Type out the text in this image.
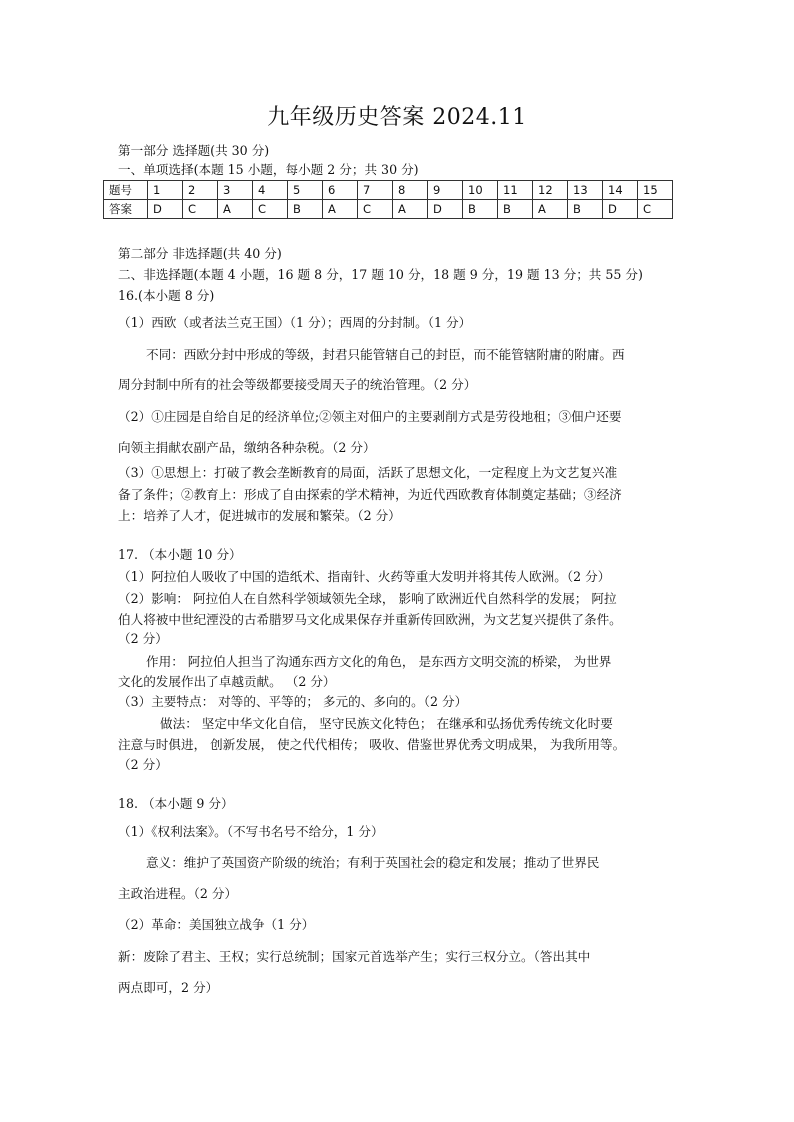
九年级历史答案 2024.11
第一部分 选择题(共 30 分)
一、单项选择(本题 15 小题，每小题 2 分；共 30 分)
题号	1	2	3	4	5	6	7	8	9	10	11	12	13	14	15
答案	D	C	A	C	B	A	C	A	D	B	B	A	B	D	C
第二部分 非选择题(共 40 分)
二、非选择题(本题 4 小题，16 题 8 分，17 题 10 分，18 题 9 分，19 题 13 分；共 55 分)
16.(本小题 8 分)
（1）西欧（或者法兰克王国）（1 分）；西周的分封制。（1 分）
不同：西欧分封中形成的等级，封君只能管辖自己的封臣，而不能管辖附庸的附庸。西
周分封制中所有的社会等级都要接受周天子的统治管理。（2 分）
（2）①庄园是自给自足的经济单位;②领主对佃户的主要剥削方式是劳役地租；③佃户还要
向领主捐献农副产品，缴纳各种杂税。（2 分）
（3）①思想上：打破了教会垄断教育的局面，活跃了思想文化，一定程度上为文艺复兴准
备了条件；②教育上：形成了自由探索的学术精神，为近代西欧教育体制奠定基础；③经济
上：培养了人才，促进城市的发展和繁荣。（2 分）
17. （本小题 10 分）
（1）阿拉伯人吸收了中国的造纸术、指南针、火药等重大发明并将其传人欧洲。（2 分）
（2）影响： 阿拉伯人在自然科学领域领先全球， 影响了欧洲近代自然科学的发展； 阿拉
伯人将被中世纪湮没的古希腊罗马文化成果保存并重新传回欧洲，为文艺复兴提供了条件。
（2 分）
作用： 阿拉伯人担当了沟通东西方文化的角色， 是东西方文明交流的桥梁， 为世界
文化的发展作出了卓越贡献。 （2 分）
（3）主要特点： 对等的、平等的； 多元的、多向的。（2 分）
做法： 坚定中华文化自信， 坚守民族文化特色； 在继承和弘扬优秀传统文化时要
注意与时俱进， 创新发展， 使之代代相传； 吸收、借鉴世界优秀文明成果， 为我所用等。
（2 分）
18. （本小题 9 分）
（1）《权利法案》。（不写书名号不给分，1 分）
意义：维护了英国资产阶级的统治；有利于英国社会的稳定和发展；推动了世界民
主政治进程。（2 分）
（2）革命：美国独立战争（1 分）
新：废除了君主、王权；实行总统制；国家元首选举产生；实行三权分立。（答出其中
两点即可，2 分）
